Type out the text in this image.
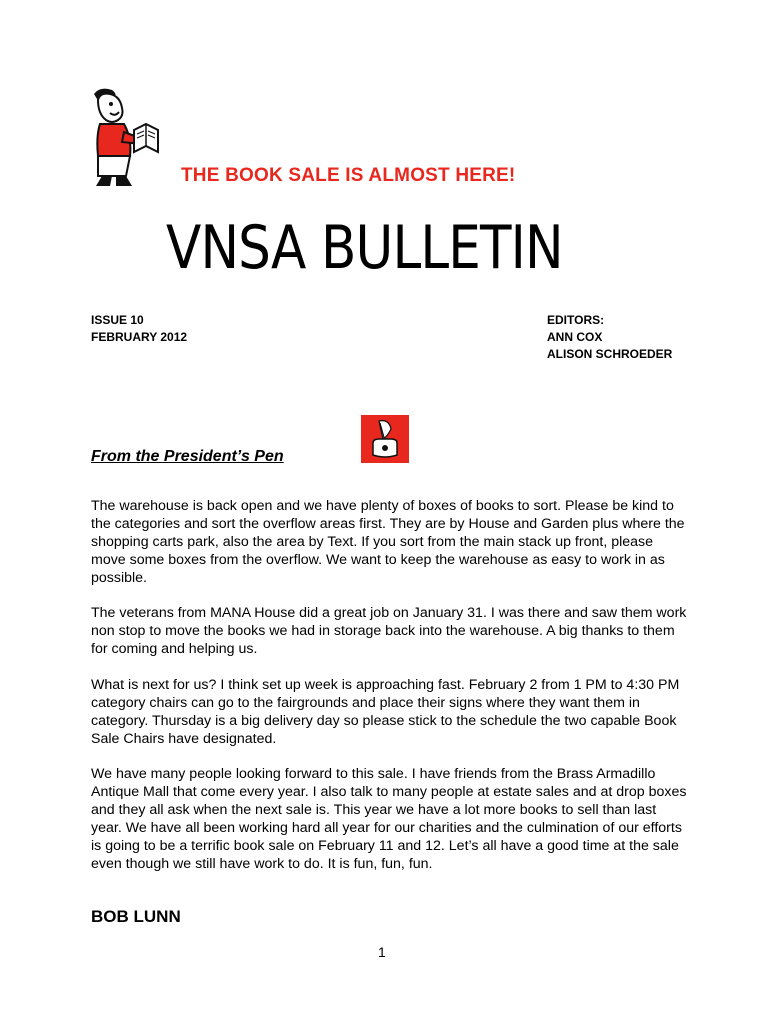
THE BOOK SALE IS ALMOST HERE!
VNSA BULLETIN
ISSUE 10
FEBRUARY 2012
EDITORS:
ANN COX
ALISON SCHROEDER
From the President’s Pen

The warehouse is back open and we have plenty of boxes of books to sort. Please be kind to the categories and sort the overflow areas first. They are by House and Garden plus where the shopping carts park, also the area by Text. If you sort from the main stack up front, please move some boxes from the overflow. We want to keep the warehouse as easy to work in as possible.

The veterans from MANA House did a great job on January 31. I was there and saw them work non stop to move the books we had in storage back into the warehouse. A big thanks to them for coming and helping us.

What is next for us? I think set up week is approaching fast. February 2 from 1 PM to 4:30 PM category chairs can go to the fairgrounds and place their signs where they want them in category. Thursday is a big delivery day so please stick to the schedule the two capable Book Sale Chairs have designated.

We have many people looking forward to this sale. I have friends from the Brass Armadillo Antique Mall that come every year. I also talk to many people at estate sales and at drop boxes and they all ask when the next sale is. This year we have a lot more books to sell than last year. We have all been working hard all year for our charities and the culmination of our efforts is going to be a terrific book sale on February 11 and 12. Let’s all have a good time at the sale even though we still have work to do. It is fun, fun, fun.

BOB LUNN
1
